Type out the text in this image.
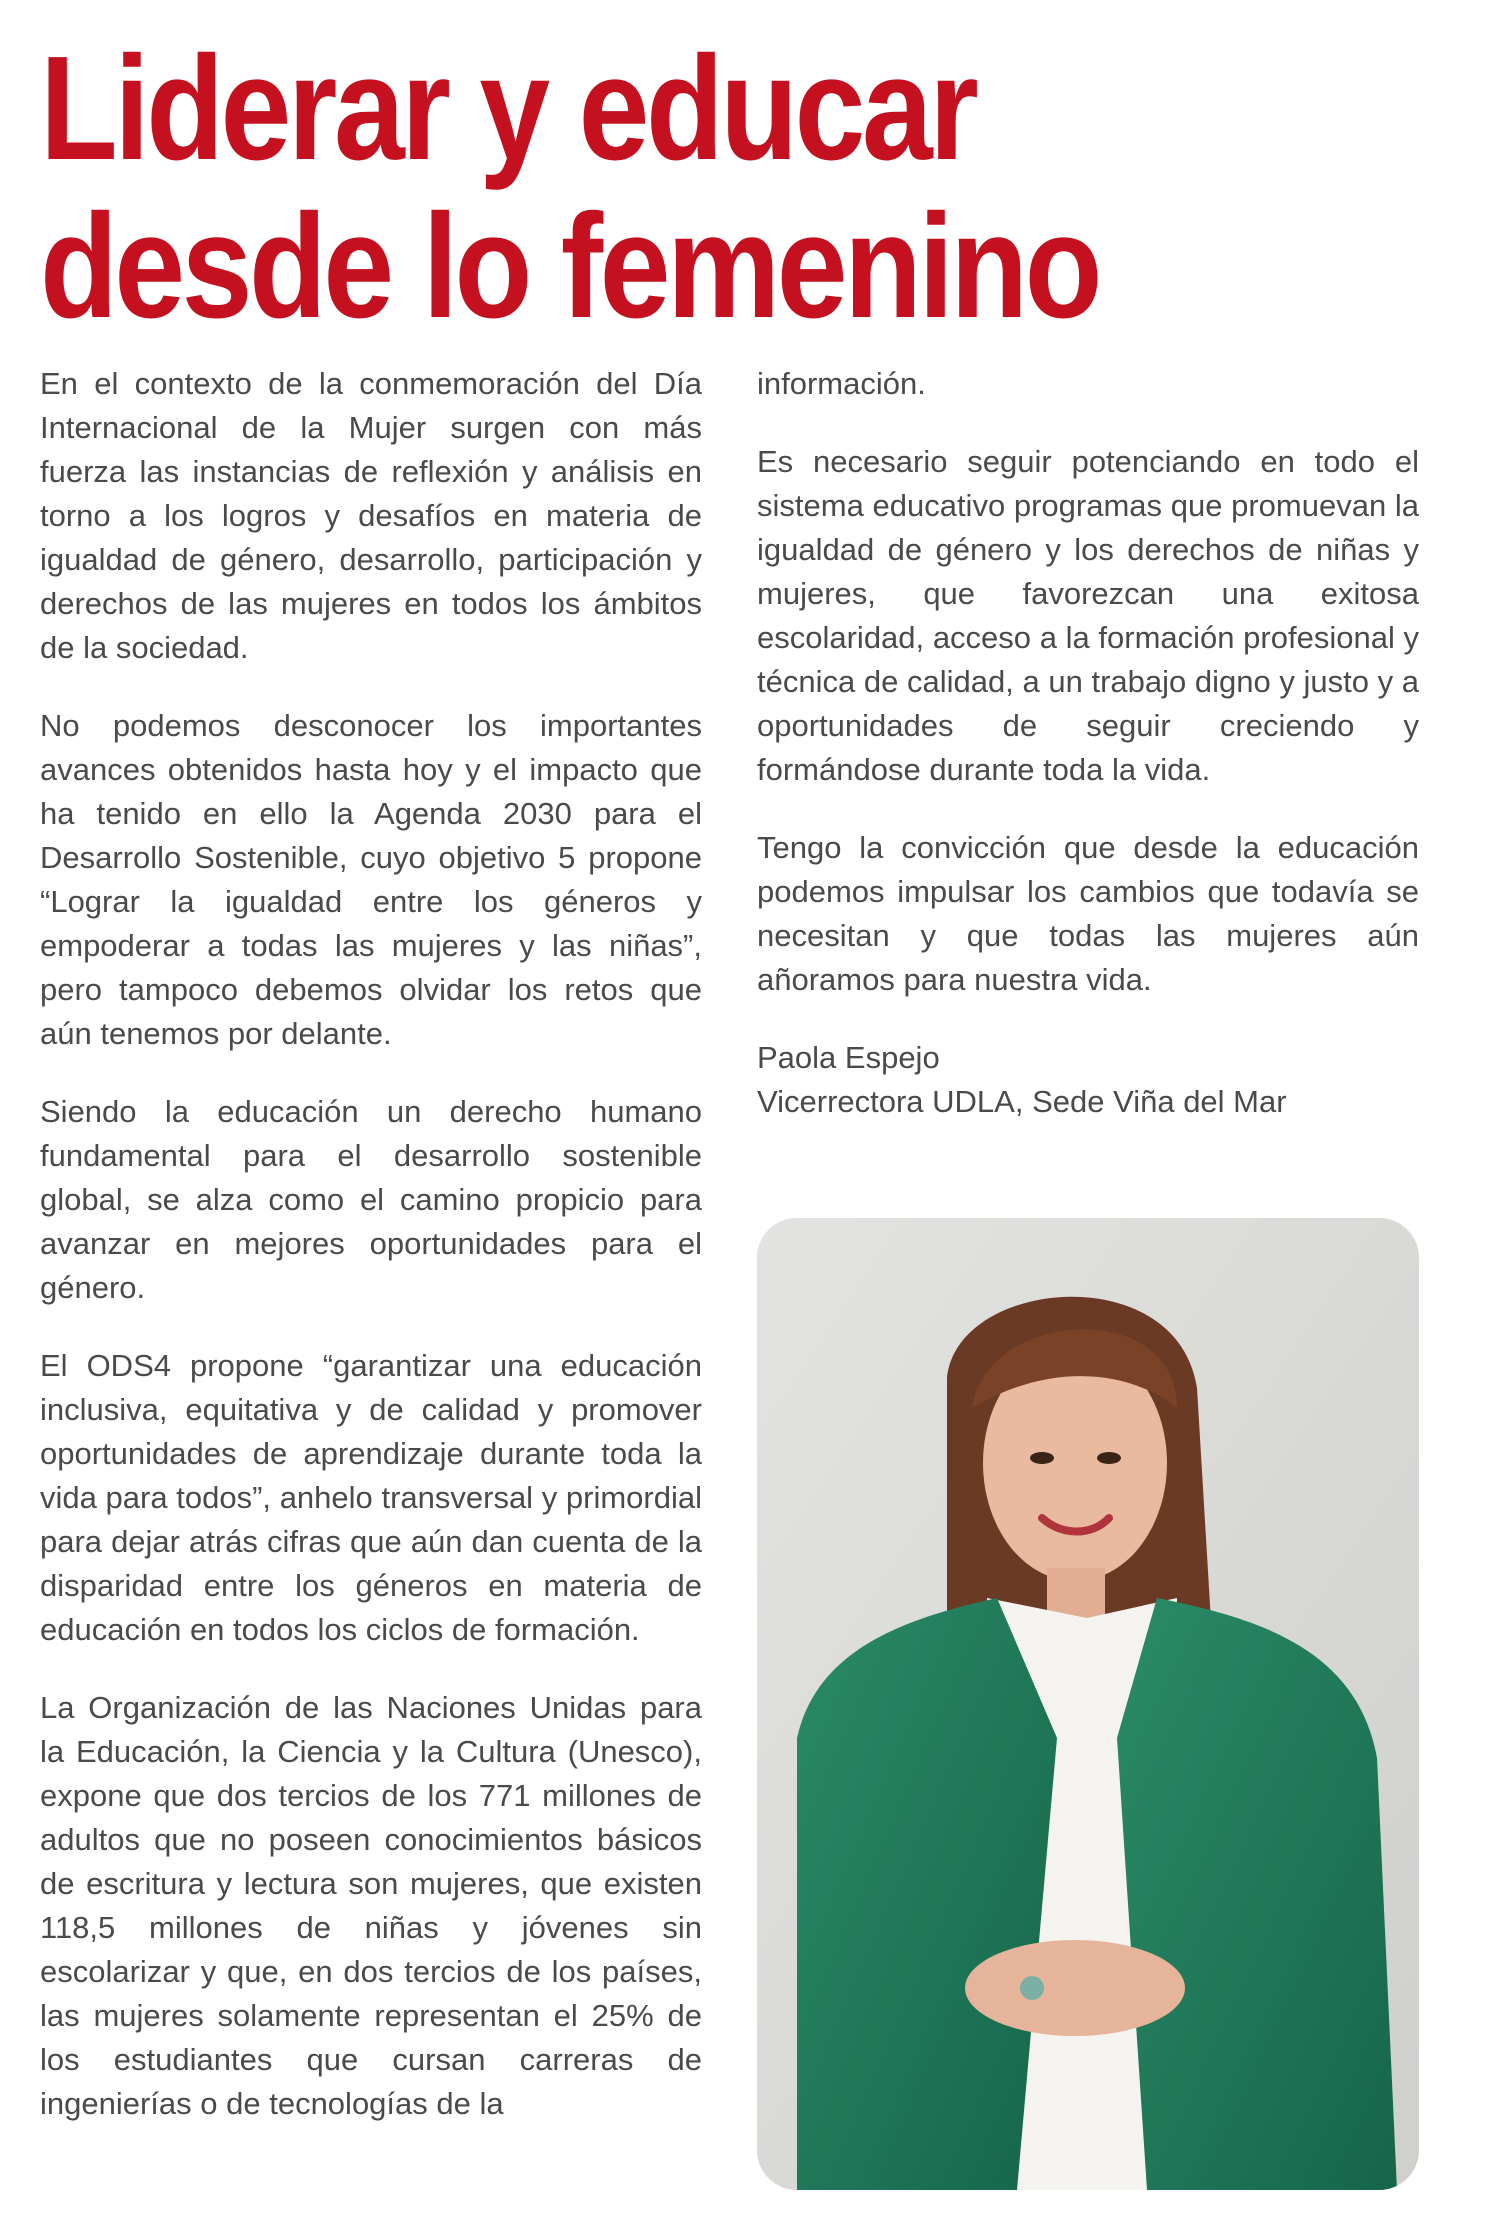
Liderar y educar desde lo femenino

En el contexto de la conmemoración del Día Internacional de la Mujer surgen con más fuerza las instancias de reflexión y análisis en torno a los logros y desafíos en materia de igualdad de género, desarrollo, participación y derechos de las mujeres en todos los ámbitos de la sociedad.

No podemos desconocer los importantes avances obtenidos hasta hoy y el impacto que ha tenido en ello la Agenda 2030 para el Desarrollo Sostenible, cuyo objetivo 5 propone “Lograr la igualdad entre los géneros y empoderar a todas las mujeres y las niñas”, pero tampoco debemos olvidar los retos que aún tenemos por delante.

Siendo la educación un derecho humano fundamental para el desarrollo sostenible global, se alza como el camino propicio para avanzar en mejores oportunidades para el género.

El ODS4 propone “garantizar una educación inclusiva, equitativa y de calidad y promover oportunidades de aprendizaje durante toda la vida para todos”, anhelo transversal y primordial para dejar atrás cifras que aún dan cuenta de la disparidad entre los géneros en materia de educación en todos los ciclos de formación.

La Organización de las Naciones Unidas para la Educación, la Ciencia y la Cultura (Unesco), expone que dos tercios de los 771 millones de adultos que no poseen conocimientos básicos de escritura y lectura son mujeres, que existen 118,5 millones de niñas y jóvenes sin escolarizar y que, en dos tercios de los países, las mujeres solamente representan el 25% de los estudiantes que cursan carreras de ingenierías o de tecnologías de la

información.

Es necesario seguir potenciando en todo el sistema educativo programas que promuevan la igualdad de género y los derechos de niñas y mujeres, que favorezcan una exitosa escolaridad, acceso a la formación profesional y técnica de calidad, a un trabajo digno y justo y a oportunidades de seguir creciendo y formándose durante toda la vida.

Tengo la convicción que desde la educación podemos impulsar los cambios que todavía se necesitan y que todas las mujeres aún añoramos para nuestra vida.

Paola Espejo
Vicerrectora UDLA, Sede Viña del Mar
